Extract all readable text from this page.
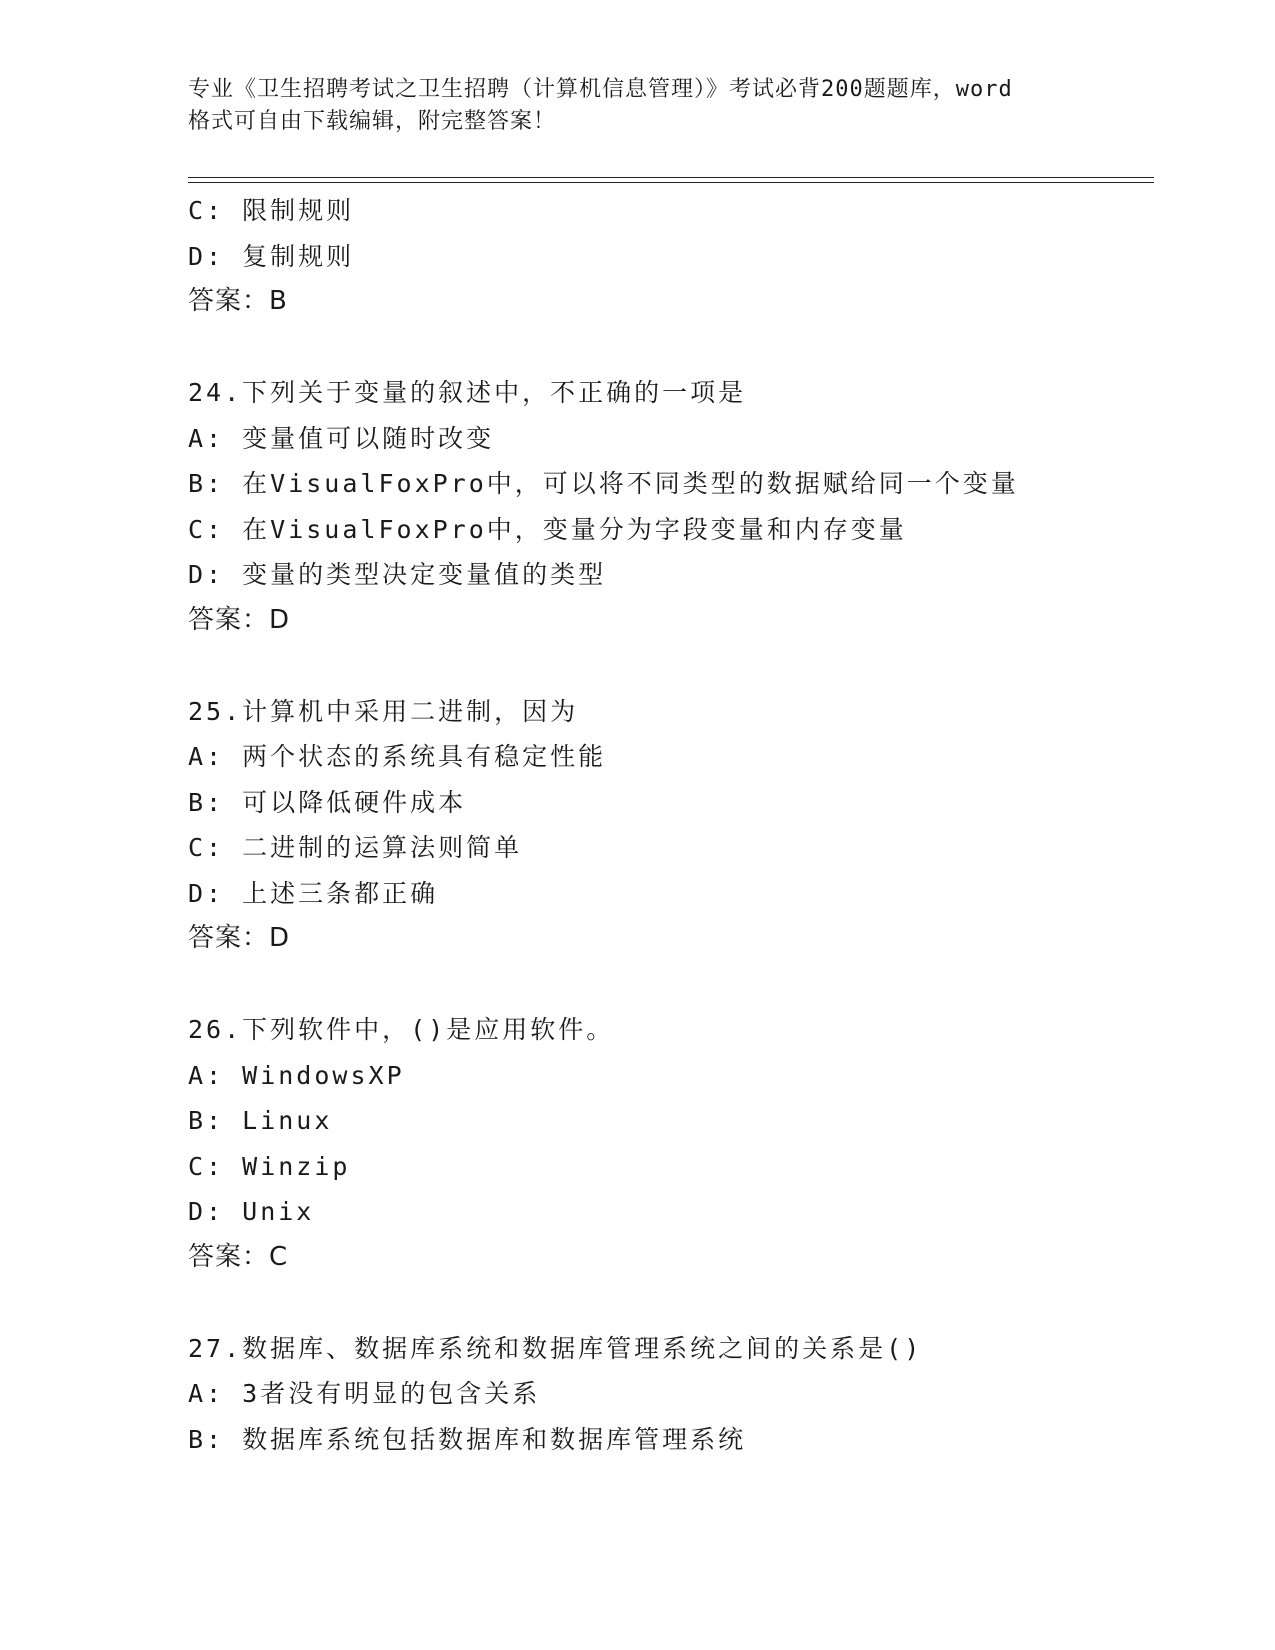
专业《卫生招聘考试之卫生招聘（计算机信息管理）》考试必背200题题库，word
格式可自由下载编辑，附完整答案！
C: 限制规则
D: 复制规则
答案：B
24.下列关于变量的叙述中，不正确的一项是
A: 变量值可以随时改变
B: 在VisualFoxPro中，可以将不同类型的数据赋给同一个变量
C: 在VisualFoxPro中，变量分为字段变量和内存变量
D: 变量的类型决定变量值的类型
答案：D
25.计算机中采用二进制，因为
A: 两个状态的系统具有稳定性能
B: 可以降低硬件成本
C: 二进制的运算法则简单
D: 上述三条都正确
答案：D
26.下列软件中，()是应用软件。
A: WindowsXP
B: Linux
C: Winzip
D: Unix
答案：C
27.数据库、数据库系统和数据库管理系统之间的关系是()
A: 3者没有明显的包含关系
B: 数据库系统包括数据库和数据库管理系统
